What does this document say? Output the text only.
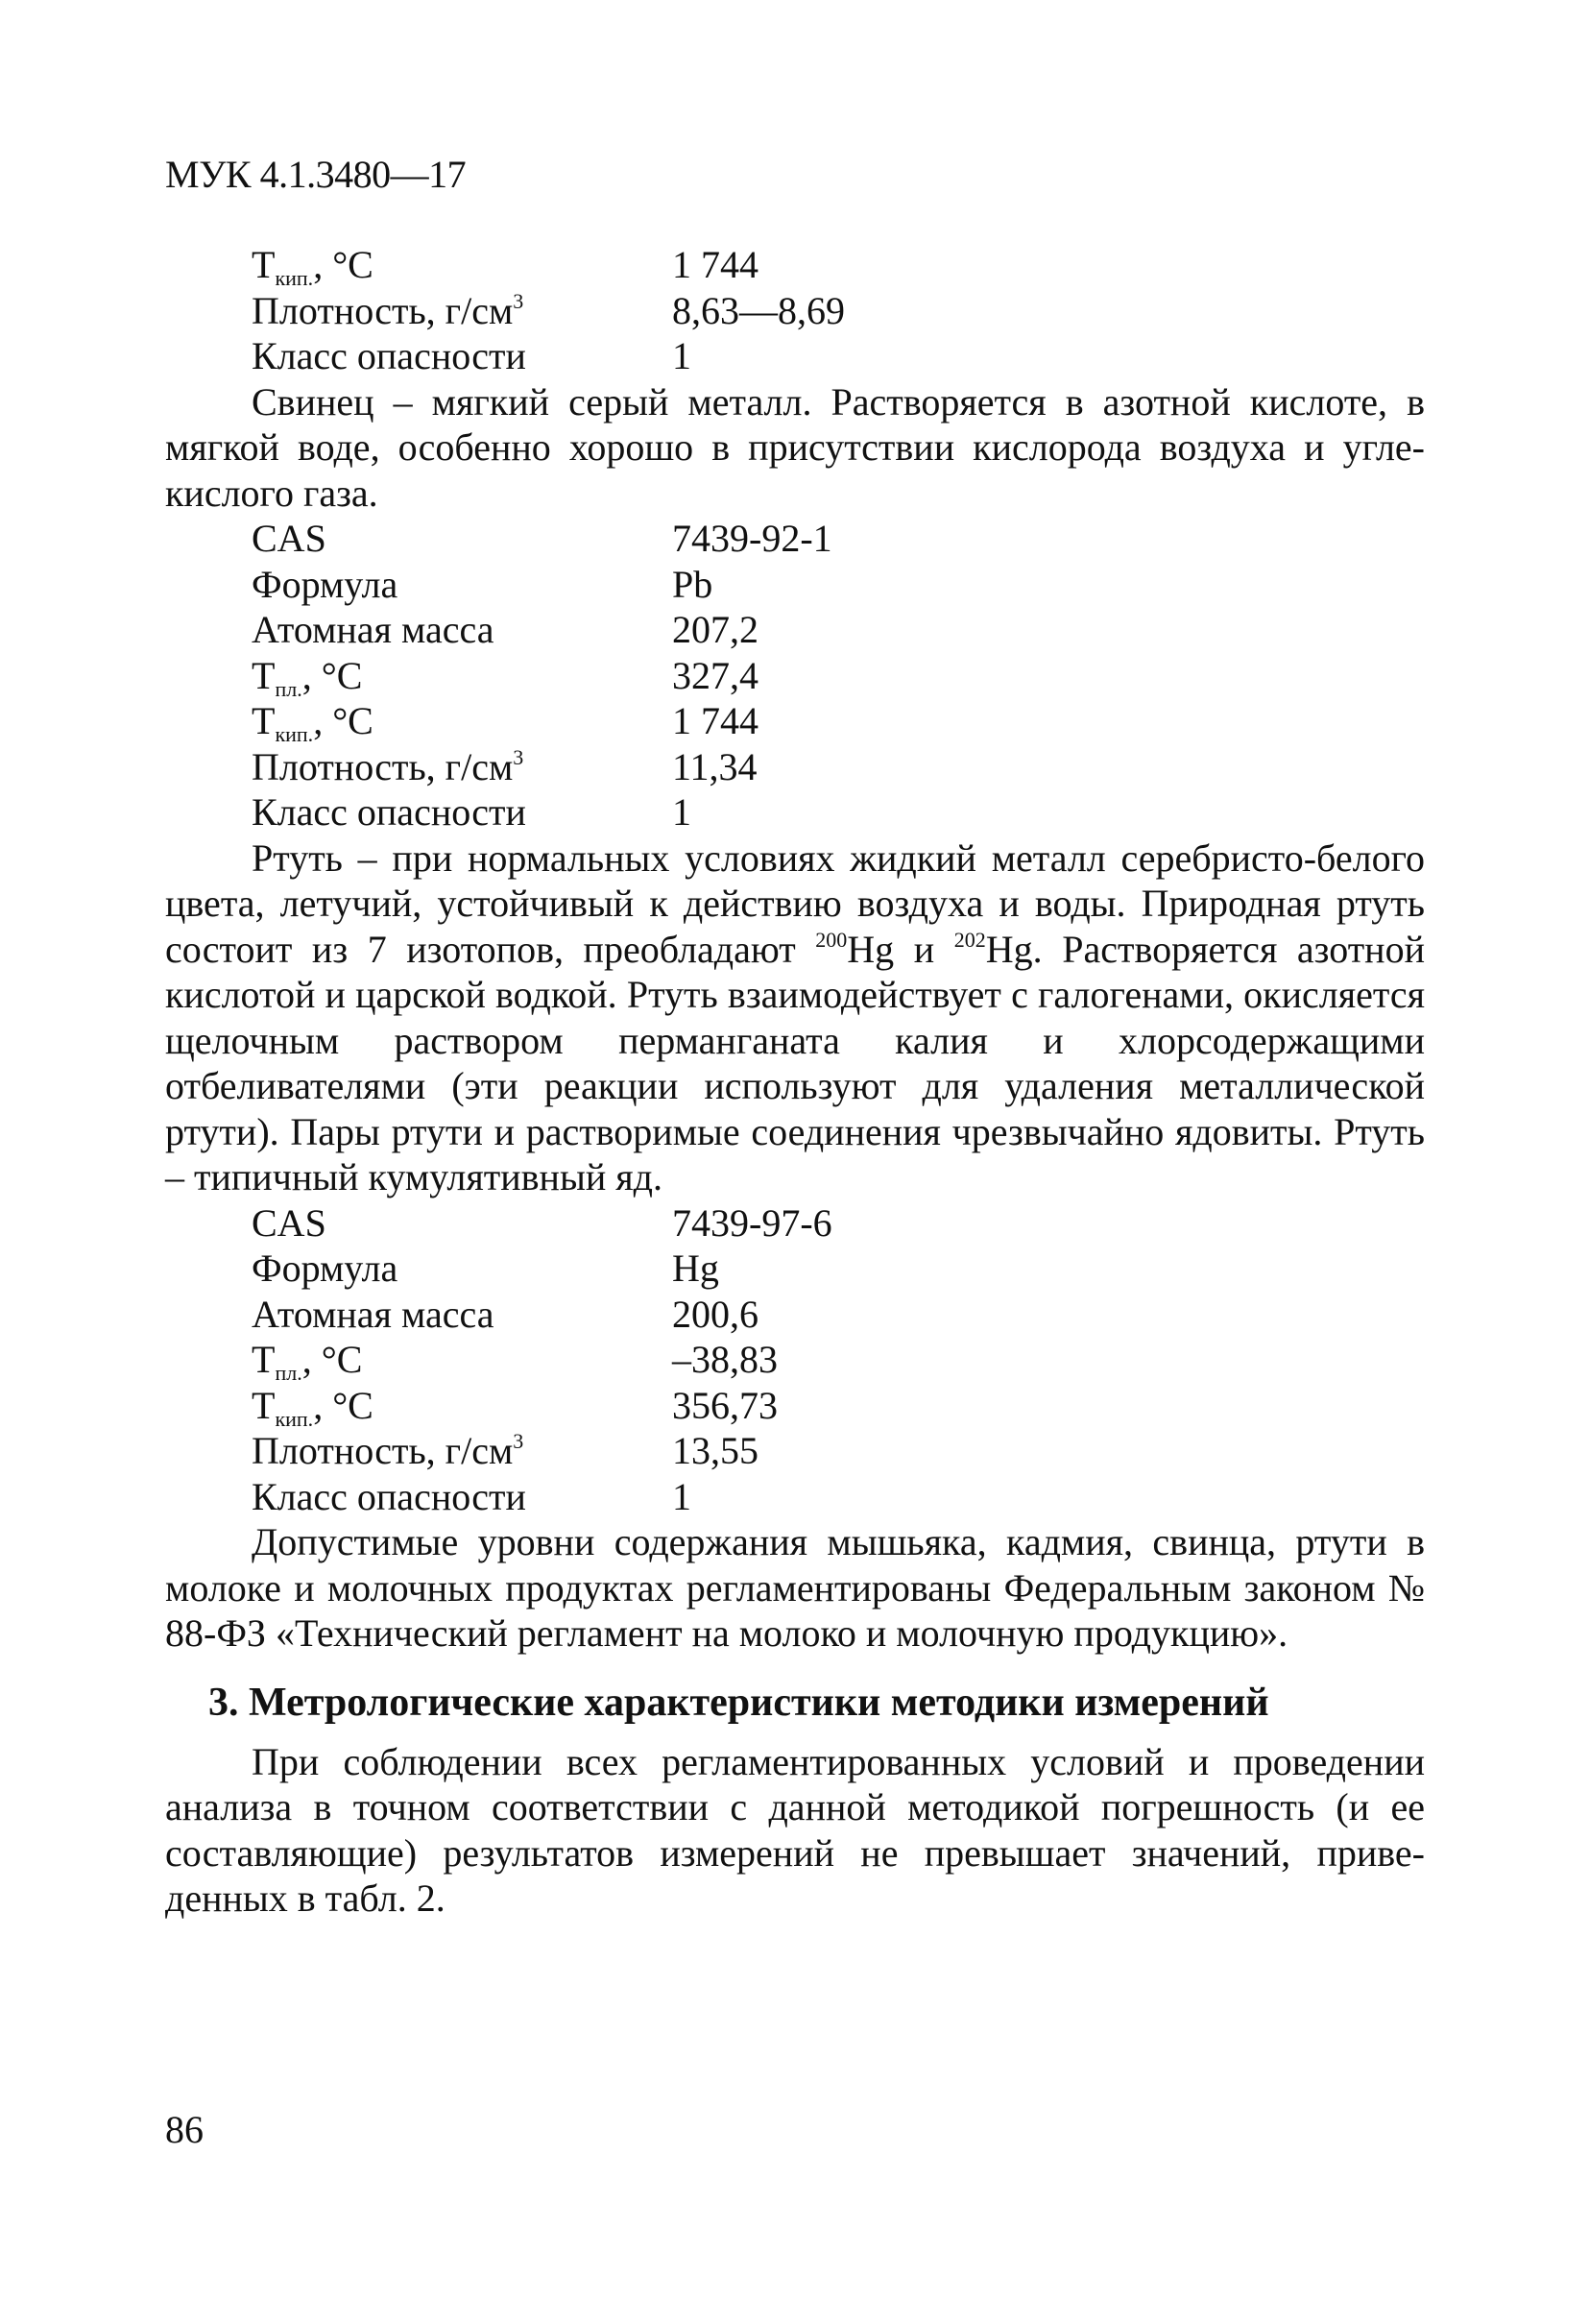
МУК 4.1.3480—17
$T_{кип.}$, °C	1 744
Плотность, $г/см^3$	8,63—8,69
Класс опасности	1

Свинец – мягкий серый металл. Растворяется в азотной кислоте, в мягкой воде, особенно хорошо в присутствии кислорода воздуха и углекислого газа.

CAS	7439-92-1
Формула	Pb
Атомная масса	207,2
$T_{пл.}$, °C	327,4
$T_{кип.}$, °C	1 744
Плотность, $г/см^3$	11,34
Класс опасности	1

Ртуть – при нормальных условиях жидкий металл серебристо-белого цвета, летучий, устойчивый к действию воздуха и воды. Природная ртуть состоит из 7 изотопов, преобладают $^{200}$Hg и $^{202}$Hg. Растворяется азотной кислотой и царской водкой. Ртуть взаимодействует с галогенами, окисляется щелочным раствором перманганата калия и хлорсодержащими отбеливателями (эти реакции используют для удаления металлической ртути). Пары ртути и растворимые соединения чрезвычайно ядовиты. Ртуть – типичный кумулятивный яд.

CAS	7439-97-6
Формула	Hg
Атомная масса	200,6
$T_{пл.}$, °C	–38,83
$T_{кип.}$, °C	356,73
Плотность, $г/см^3$	13,55
Класс опасности	1

Допустимые уровни содержания мышьяка, кадмия, свинца, ртути в молоке и молочных продуктах регламентированы Федеральным законом № 88-ФЗ «Технический регламент на молоко и молочную продукцию».

3. Метрологические характеристики методики измерений

При соблюдении всех регламентированных условий и проведении анализа в точном соответствии с данной методикой погрешность (и ее составляющие) результатов измерений не превышает значений, приведенных в табл. 2.

86
